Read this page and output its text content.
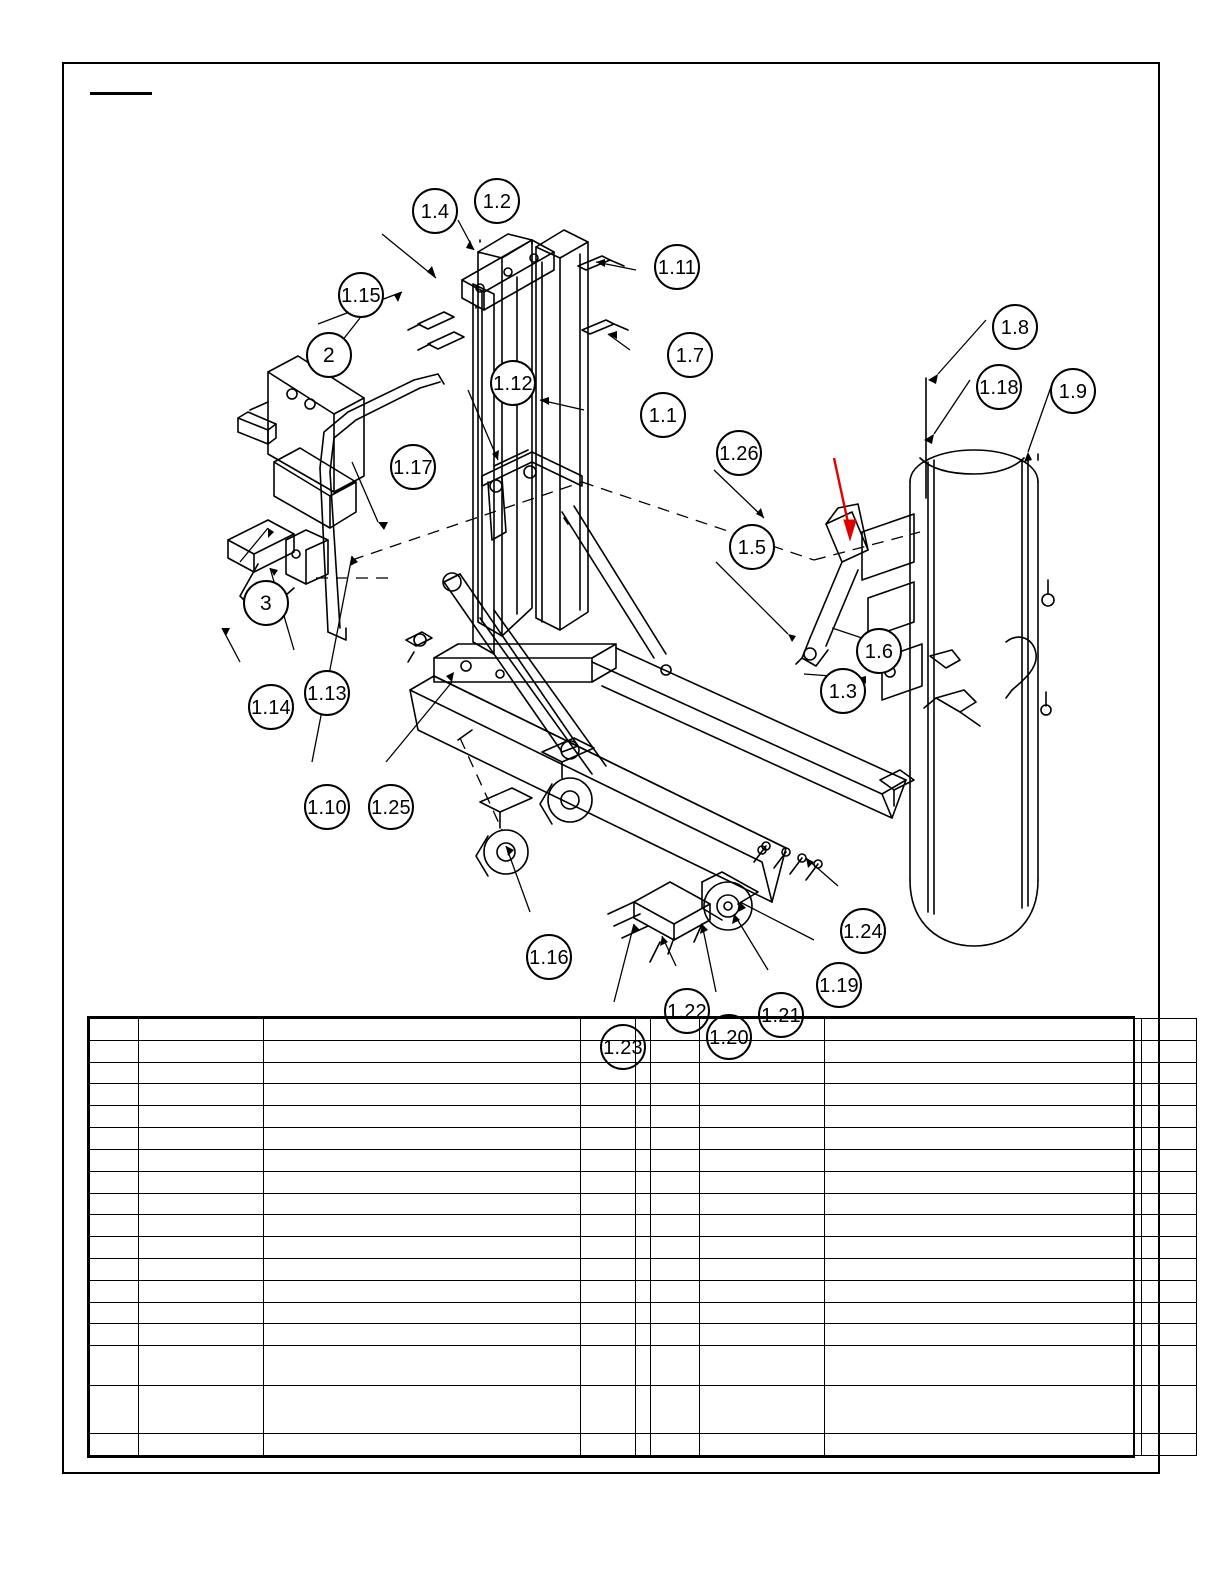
1.4	1.2
1.11
1.15
1.7
1.8
1.18	1.9
2
1.12
1.1
1.26
1.17
1.5
3
1.6
1.3
1.14
1.13
1.10 1.25
1.24
1.16
1.19
1.22	1.21
1.20
1.23
